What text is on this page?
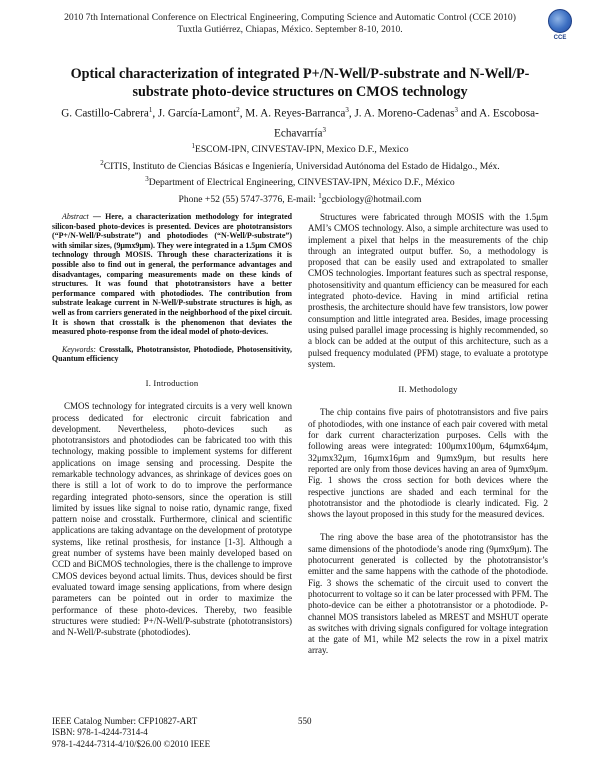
2010 7th International Conference on Electrical Engineering, Computing Science and Automatic Control (CCE 2010)
Tuxtla Gutiérrez, Chiapas, México. September 8-10, 2010.
CCE
Optical characterization of integrated P+/N-Well/P-substrate and N-Well/P-substrate photo-device structures on CMOS technology
G. Castillo-Cabrera$^1$, J. García-Lamont$^2$, M. A. Reyes-Barranca$^3$, J. A. Moreno-Cadenas$^3$ and A. Escobosa-Echavarría$^3$
$^1$ESCOM-IPN, CINVESTAV-IPN, Mexico D.F., Mexico
$^2$CITIS, Instituto de Ciencias Básicas e Ingeniería, Universidad Autónoma del Estado de Hidalgo., Méx.
$^3$Department of Electrical Engineering, CINVESTAV-IPN, México D.F., México
Phone +52 (55) 5747-3776, E-mail: $^1$gccbiology@hotmail.com

Abstract — Here, a characterization methodology for integrated silicon-based photo-devices is presented. Devices are phototransistors (“P+/N-Well/P-substrate”) and photodiodes (“N-Well/P-substrate”) with similar sizes, (9μmx9μm). They were integrated in a 1.5μm CMOS technology through MOSIS. Through these characterizations it is possible also to find out in general, the performance advantages and disadvantages, comparing measurements made on these kinds of structures. It was found that phototransistors have a better performance compared with photodiodes. The contribution from substrate leakage current in N-Well/P-substrate structures is high, as well as from carriers generated in the neighborhood of the pixel circuit. It is shown that crosstalk is the phenomenon that deviates the measured photo-response from the ideal model of photo-devices.

Keywords: Crosstalk, Phototransistor, Photodiode, Photosensitivity, Quantum efficiency

I. Introduction

CMOS technology for integrated circuits is a very well known process dedicated for electronic circuit fabrication and development. Nevertheless, photo-devices such as phototransistors and photodiodes can be fabricated too with this technology, making possible to implement systems for different applications on image sensing and processing. Despite the remarkable technology advances, as shrinkage of devices goes on there is still a lot of work to do to improve the performance regarding integrated photo-sensors, since the operation is still limited by issues like signal to noise ratio, dynamic range, fixed pattern noise and crosstalk. Furthermore, clinical and scientific applications are taking advantage on the development of prototype systems, like retinal prosthesis, for instance [1-3]. Although a great number of systems have been mainly developed based on CCD and BiCMOS technologies, there is the challenge to improve CMOS devices beyond actual limits. Thus, devices should be first evaluated toward image sensing applications, from where design parameters can be pointed out in order to maximize the performance of these photo-devices. Thereby, two feasible structures were studied: P+/N-Well/P-substrate (phototransistors) and N-Well/P-substrate (photodiodes).

Structures were fabricated through MOSIS with the 1.5μm AMI’s CMOS technology. Also, a simple architecture was used to implement a pixel that helps in the measurements of the chip through an integrated output buffer. So, a methodology is proposed that can be easily used and extrapolated to smaller CMOS technologies. Important features such as spectral response, photosensitivity and quantum efficiency can be measured for each integrated photo-device. Having in mind artificial retina prosthesis, the architecture should have few transistors, low power consumption and little integrated area. Besides, image processing using pulsed parallel image processing is highly recommended, so a block can be added at the output of this architecture, such as a pulsed frequency modulated (PFM) stage, to evaluate a prototype system.

II. Methodology

The chip contains five pairs of phototransistors and five pairs of photodiodes, with one instance of each pair covered with metal for dark current characterization purposes. Cells with the following areas were integrated: 100μmx100μm, 64μmx64μm, 32μmx32μm, 16μmx16μm and 9μmx9μm, but results here reported are only from those devices having an area of 9μmx9μm. Fig. 1 shows the cross section for both devices where the respective junctions are shaded and each terminal for the phototransistor and the photodiode is clearly indicated. Fig. 2 shows the layout proposed in this study for the measured devices.

The ring above the base area of the phototransistor has the same dimensions of the photodiode’s anode ring (9μmx9μm). The photocurrent generated is collected by the phototransistor’s emitter and the same happens with the cathode of the photodiode. Fig. 3 shows the schematic of the circuit used to convert the photocurrent to voltage so it can be later processed with PFM. The photo-device can be either a phototransistor or a photodiode. P-channel MOS transistors labeled as MREST and MSHUT operate as switches with driving signals configured for voltage integration at the gate of M1, while M2 selects the row in a pixel matrix array.

IEEE Catalog Number: CFP10827-ART
ISBN: 978-1-4244-7314-4
978-1-4244-7314-4/10/$26.00 ©2010 IEEE
550
